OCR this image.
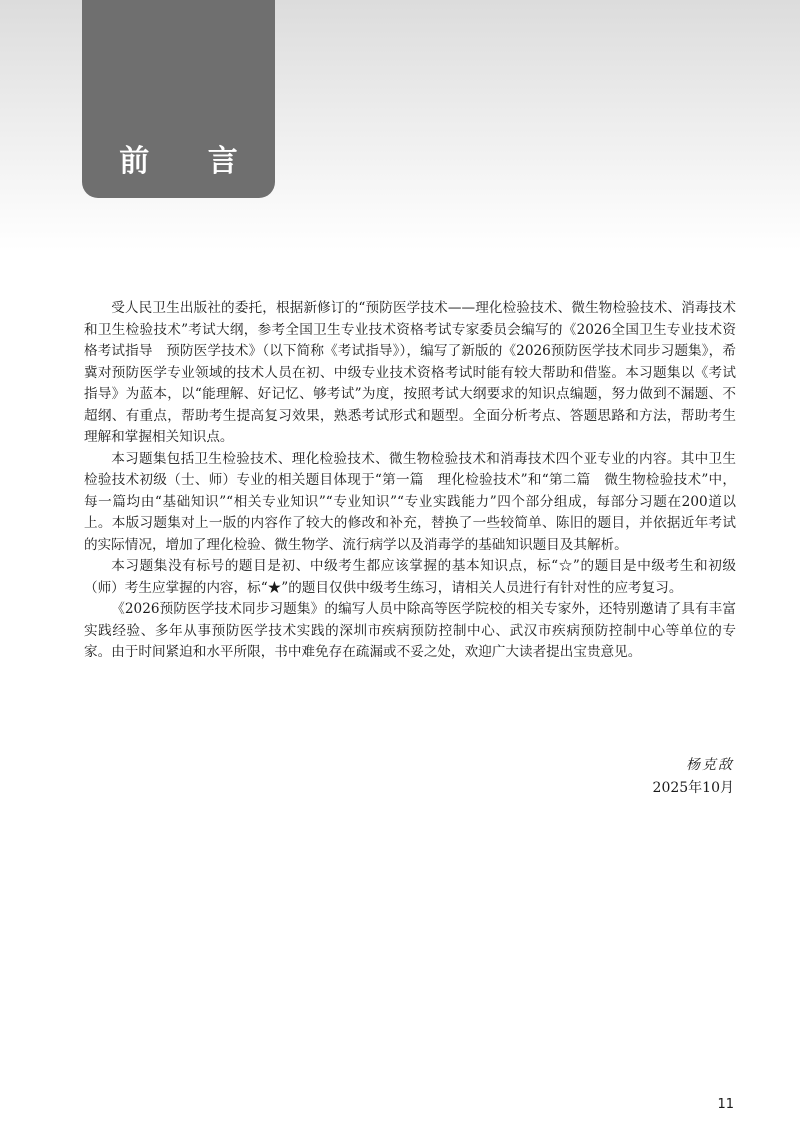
前 言

受人民卫生出版社的委托，根据新修订的“预防医学技术——理化检验技术、微生物检验技术、消毒技术和卫生检验技术”考试大纲，参考全国卫生专业技术资格考试专家委员会编写的《2026全国卫生专业技术资格考试指导　预防医学技术》（以下简称《考试指导》），编写了新版的《2026预防医学技术同步习题集》，希冀对预防医学专业领域的技术人员在初、中级专业技术资格考试时能有较大帮助和借鉴。本习题集以《考试指导》为蓝本，以“能理解、好记忆、够考试”为度，按照考试大纲要求的知识点编题，努力做到不漏题、不超纲、有重点，帮助考生提高复习效果，熟悉考试形式和题型。全面分析考点、答题思路和方法，帮助考生理解和掌握相关知识点。

本习题集包括卫生检验技术、理化检验技术、微生物检验技术和消毒技术四个亚专业的内容。其中卫生检验技术初级（士、师）专业的相关题目体现于“第一篇　理化检验技术”和“第二篇　微生物检验技术”中，每一篇均由“基础知识”“相关专业知识”“专业知识”“专业实践能力”四个部分组成，每部分习题在200道以上。本版习题集对上一版的内容作了较大的修改和补充，替换了一些较简单、陈旧的题目，并依据近年考试的实际情况，增加了理化检验、微生物学、流行病学以及消毒学的基础知识题目及其解析。

本习题集没有标号的题目是初、中级考生都应该掌握的基本知识点，标“☆”的题目是中级考生和初级（师）考生应掌握的内容，标“★”的题目仅供中级考生练习，请相关人员进行有针对性的应考复习。

《2026预防医学技术同步习题集》的编写人员中除高等医学院校的相关专家外，还特别邀请了具有丰富实践经验、多年从事预防医学技术实践的深圳市疾病预防控制中心、武汉市疾病预防控制中心等单位的专家。由于时间紧迫和水平所限，书中难免存在疏漏或不妥之处，欢迎广大读者提出宝贵意见。

杨克敌
2025年10月
11
